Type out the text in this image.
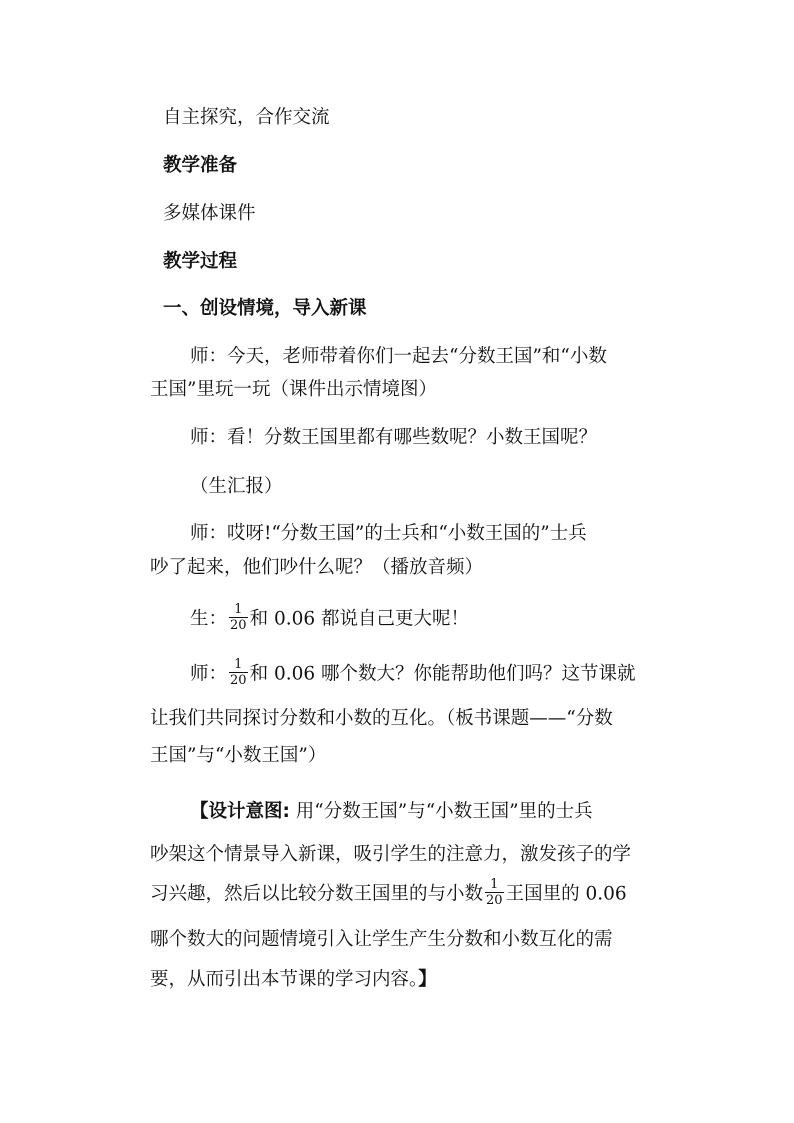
自主探究，合作交流
教学准备
多媒体课件
教学过程
一、创设情境，导入新课
师：今天，老师带着你们一起去“分数王国”和“小数
王国”里玩一玩（课件出示情境图）
师：看！分数王国里都有哪些数呢？小数王国呢？
（生汇报）
师：哎呀!“分数王国”的士兵和“小数王国的”士兵
吵了起来，他们吵什么呢？（播放音频）
生： $\frac{1}{20}$ 和 0.06 都说自己更大呢！
师： $\frac{1}{20}$ 和 0.06 哪个数大？你能帮助他们吗？这节课就
让我们共同探讨分数和小数的互化。（板书课题——“分数
王国”与“小数王国”）
【设计意图: 用“分数王国”与“小数王国”里的士兵
吵架这个情景导入新课，吸引学生的注意力，激发孩子的学
习兴趣，然后以比较分数王国里的与小数 $\frac{1}{20}$ 王国里的 0.06
哪个数大的问题情境引入让学生产生分数和小数互化的需
要，从而引出本节课的学习内容。】
